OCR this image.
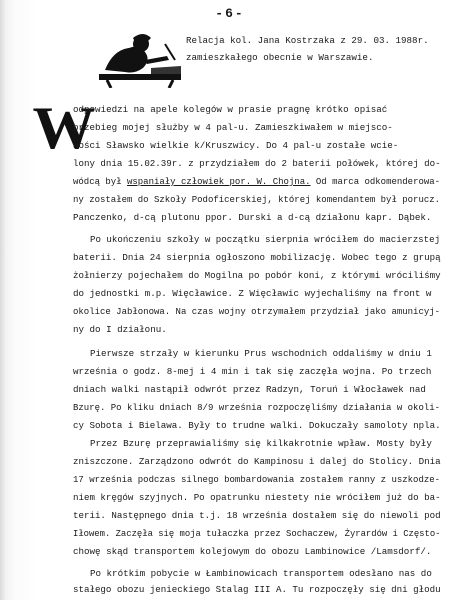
-6-
Relacja kol. Jana Kostrzaka z 29. 03. 1988r.
zamieszkałego obecnie w Warszawie.
W
odpowiedzi na apele kolegów w prasie pragnę krótko opisać
przebieg mojej służby w 4 pal-u. Zamieszkiwałem w miejsco-
wości Sławsko wielkie k/Kruszwicy. Do 4 pal-u zostałe wcie-
lony dnia 15.02.39r. z przydziałem do 2 baterii połówek, której do-
wódcą był wspaniały człowiek por. W. Chojna. Od marca odkomenderowa-
ny zostałem do Szkoły Podoficerskiej, której komendantem był porucz.
Panczenko, d-cą plutonu ppor. Durski a d-cą działonu kapr. Dąbek.
Po ukończeniu szkoły w początku sierpnia wróciłem do macierzstej
baterii. Dnia 24 sierpnia ogłoszono mobilizację. Wobec tego z grupą
żołnierzy pojechałem do Mogilna po pobór koni, z którymi wróciliśmy
do jednostki m.p. Więcławice. Z Więcławic wyjechaliśmy na front w
okolice Jabłonowa. Na czas wojny otrzymałem przydział jako amunicyj-
ny do I działonu.
Pierwsze strzały w kierunku Prus wschodnich oddaliśmy w dniu 1
września o godz. 8-mej i 4 min i tak się zaczęła wojna. Po trzech
dniach walki nastąpił odwrót przez Radzyn, Toruń i Włocławek nad
Bzurę. Po kliku dniach 8/9 września rozpoczęliśmy działania w okoli-
cy Sobota i Bielawa. Były to trudne walki. Dokuczały samoloty npla.
Przez Bzurę przeprawialiśmy się kilkakrotnie wpław. Mosty były
zniszczone. Zarządzono odwrót do Kampinosu i dalej do Stolicy. Dnia
17 września podczas silnego bombardowania zostałem ranny z uszkodze-
niem kręgów szyjnych. Po opatrunku niestety nie wróciłem już do ba-
terii. Następnego dnia t.j. 18 września dostałem się do niewoli pod
Iłowem. Zaczęła się moja tułaczka przez Sochaczew, Żyrardów i Często-
chowę skąd transportem kolejowym do obozu Lambinowice /Lamsdorf/.
Po krótkim pobycie w Łambinowicach transportem odesłano nas do
stałego obozu jenieckiego Stalag III A. Tu rozpoczęły się dni głodu
